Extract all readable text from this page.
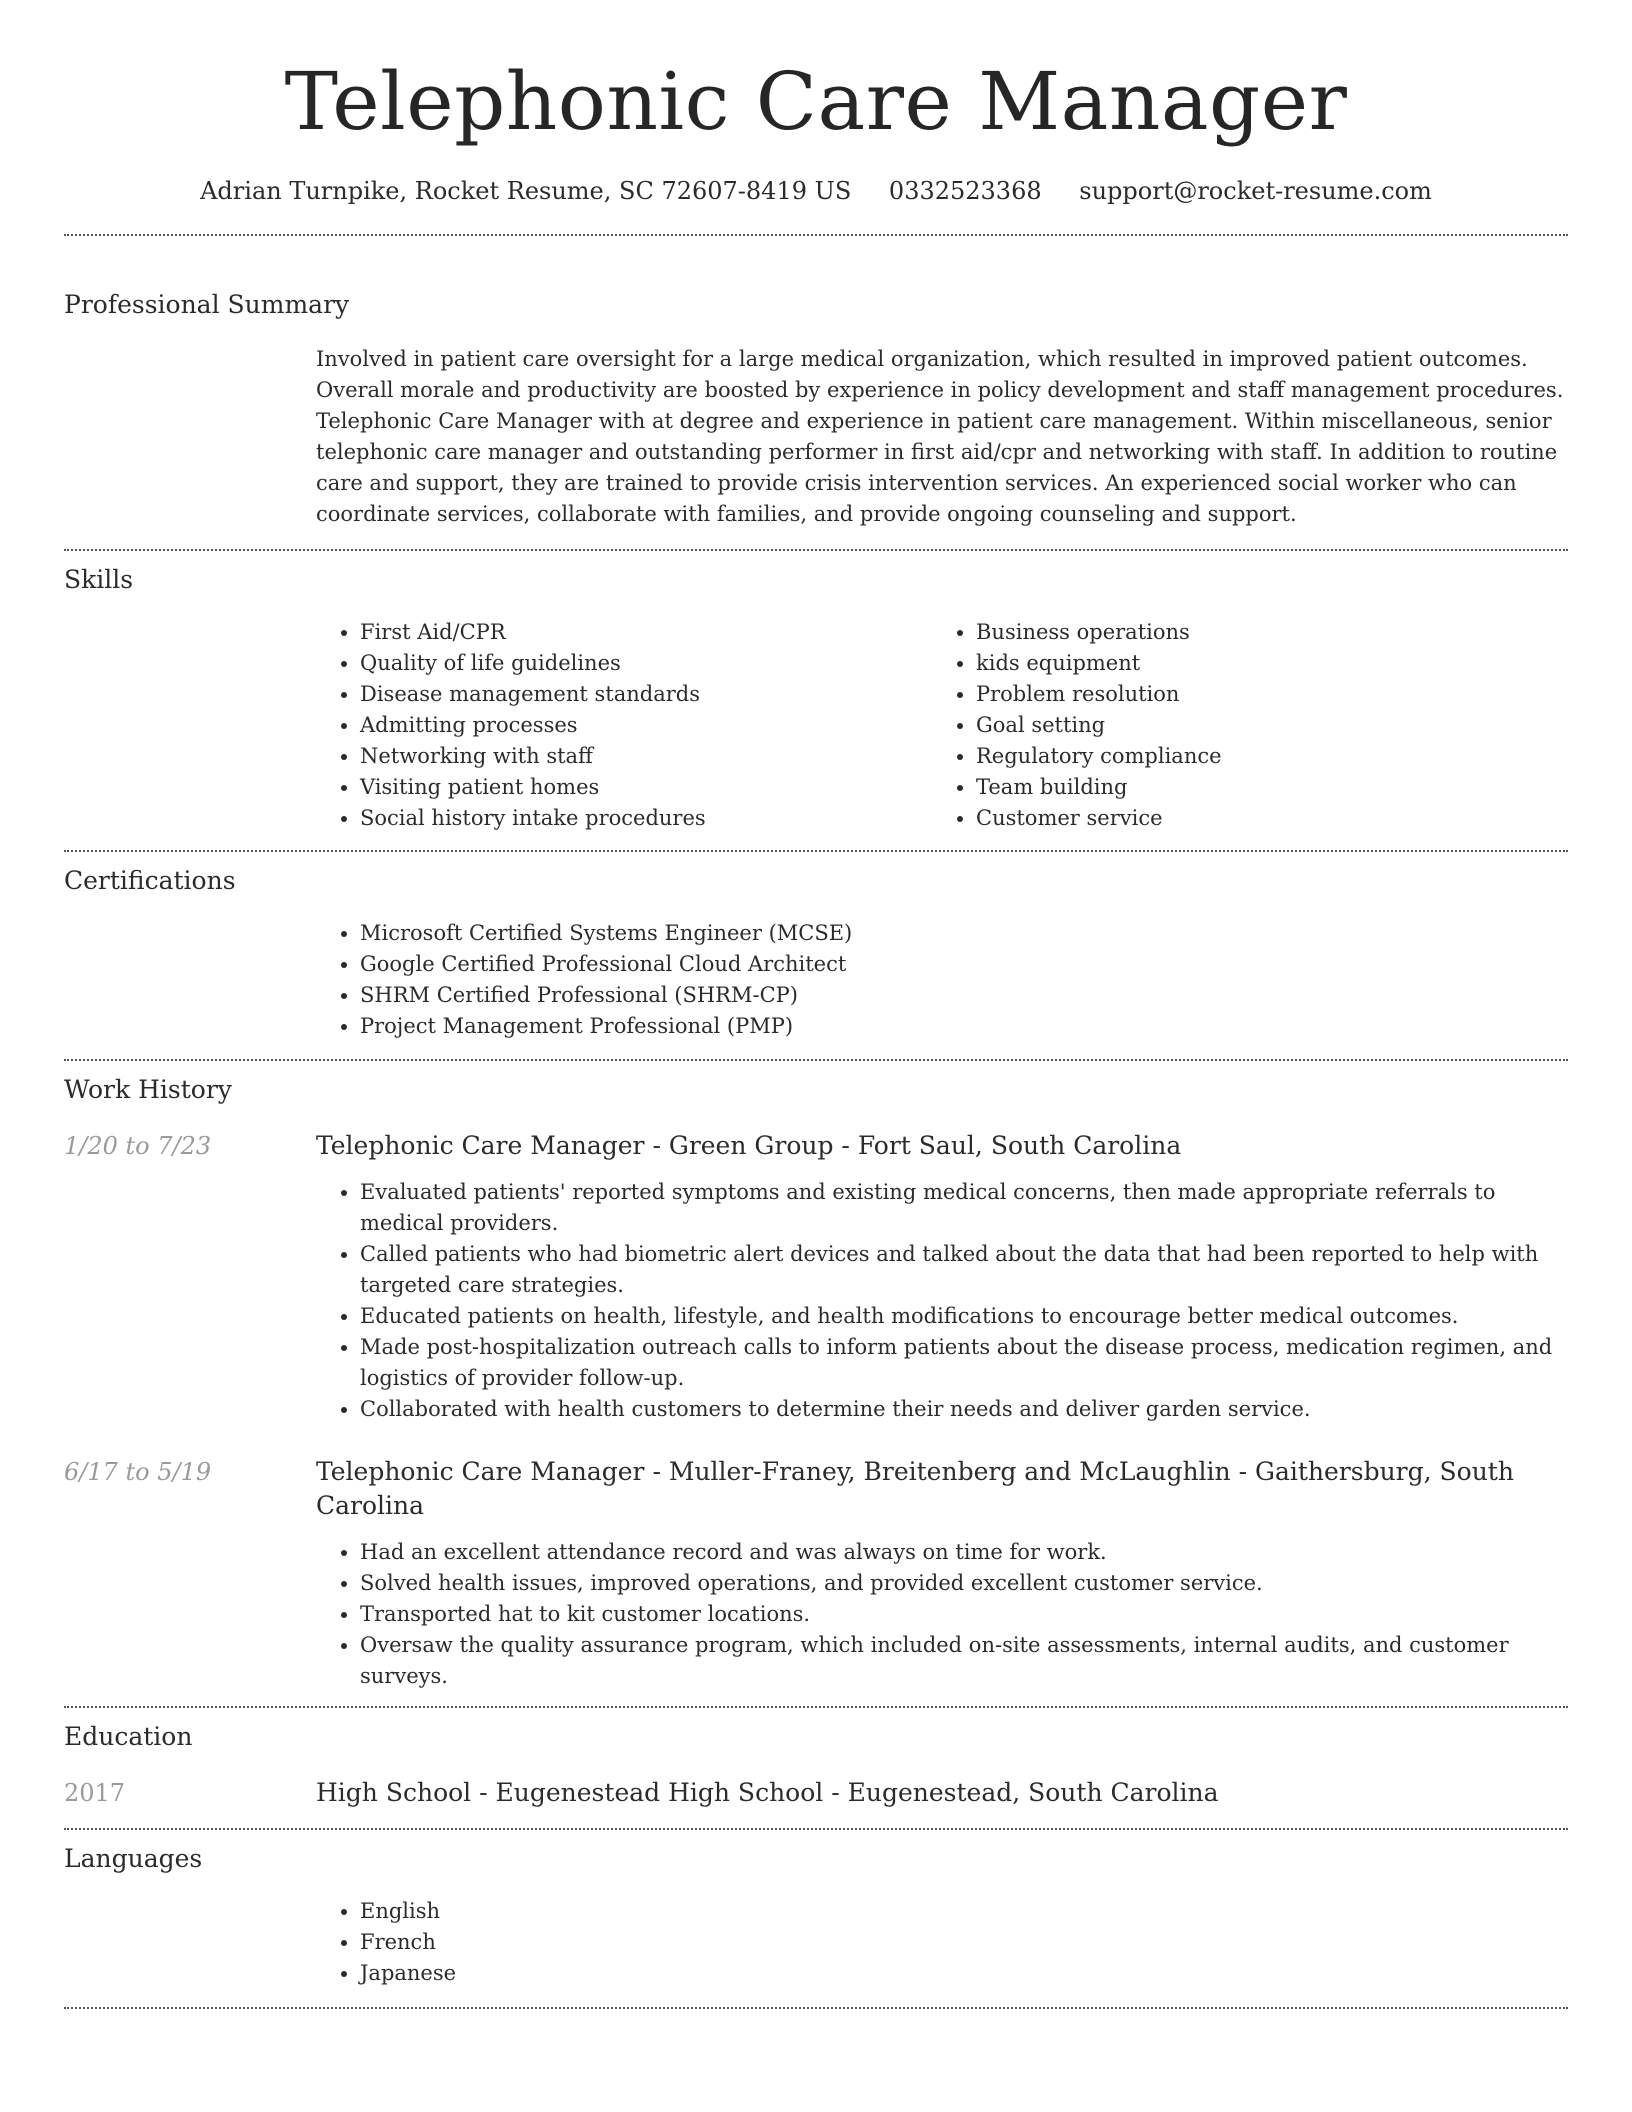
Telephonic Care Manager
Adrian Turnpike, Rocket Resume, SC 72607-8419 US 0332523368 support@rocket-resume.com
Professional Summary
Involved in patient care oversight for a large medical organization, which resulted in improved patient outcomes. Overall morale and productivity are boosted by experience in policy development and staff management procedures. Telephonic Care Manager with at degree and experience in patient care management. Within miscellaneous, senior telephonic care manager and outstanding performer in first aid/cpr and networking with staff. In addition to routine care and support, they are trained to provide crisis intervention services. An experienced social worker who can coordinate services, collaborate with families, and provide ongoing counseling and support.
Skills
• First Aid/CPR
• Quality of life guidelines
• Disease management standards
• Admitting processes
• Networking with staff
• Visiting patient homes
• Social history intake procedures
• Business operations
• kids equipment
• Problem resolution
• Goal setting
• Regulatory compliance
• Team building
• Customer service
Certifications
• Microsoft Certified Systems Engineer (MCSE)
• Google Certified Professional Cloud Architect
• SHRM Certified Professional (SHRM-CP)
• Project Management Professional (PMP)
Work History
1/20 to 7/23	Telephonic Care Manager - Green Group - Fort Saul, South Carolina
• Evaluated patients' reported symptoms and existing medical concerns, then made appropriate referrals to medical providers.
• Called patients who had biometric alert devices and talked about the data that had been reported to help with targeted care strategies.
• Educated patients on health, lifestyle, and health modifications to encourage better medical outcomes.
• Made post-hospitalization outreach calls to inform patients about the disease process, medication regimen, and logistics of provider follow-up.
• Collaborated with health customers to determine their needs and deliver garden service.
6/17 to 5/19	Telephonic Care Manager - Muller-Franey, Breitenberg and McLaughlin - Gaithersburg, South Carolina
• Had an excellent attendance record and was always on time for work.
• Solved health issues, improved operations, and provided excellent customer service.
• Transported hat to kit customer locations.
• Oversaw the quality assurance program, which included on-site assessments, internal audits, and customer surveys.
Education
2017	High School - Eugenestead High School - Eugenestead, South Carolina
Languages
• English
• French
• Japanese
